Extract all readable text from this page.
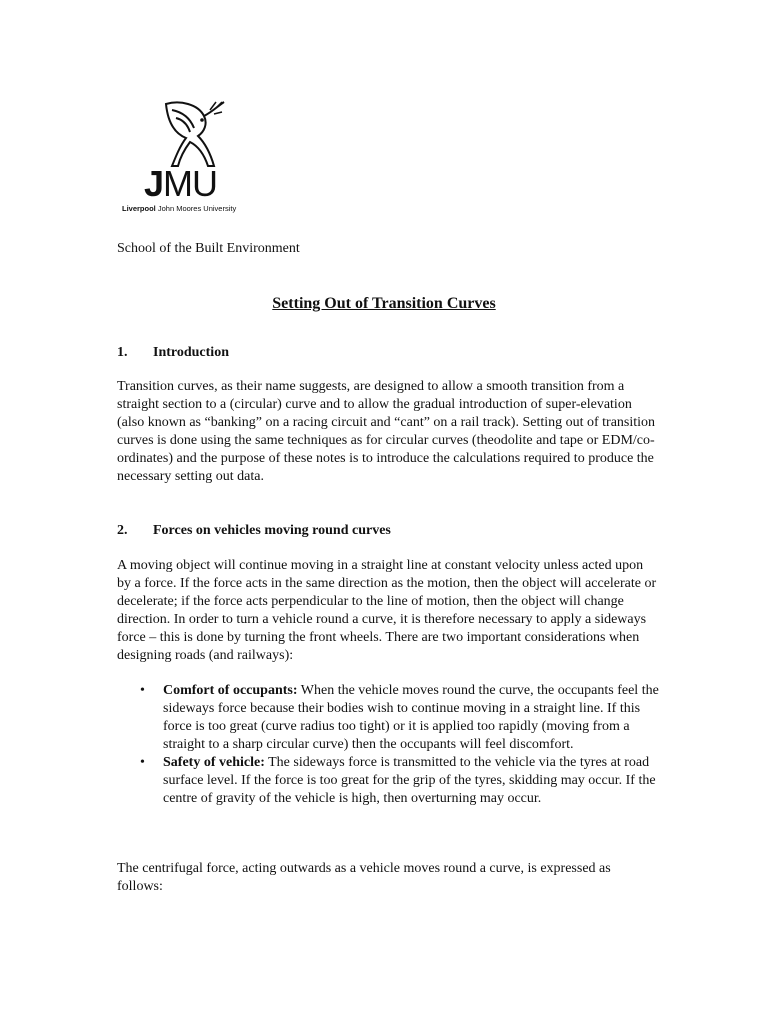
JMU
Liverpool John Moores University
School of the Built Environment
Setting Out of Transition Curves
1. Introduction
Transition curves, as their name suggests, are designed to allow a smooth transition from a straight section to a (circular) curve and to allow the gradual introduction of super-elevation (also known as “banking” on a racing circuit and “cant” on a rail track). Setting out of transition curves is done using the same techniques as for circular curves (theodolite and tape or EDM/co-ordinates) and the purpose of these notes is to introduce the calculations required to produce the necessary setting out data.
2. Forces on vehicles moving round curves
A moving object will continue moving in a straight line at constant velocity unless acted upon by a force. If the force acts in the same direction as the motion, then the object will accelerate or decelerate; if the force acts perpendicular to the line of motion, then the object will change direction. In order to turn a vehicle round a curve, it is therefore necessary to apply a sideways force – this is done by turning the front wheels. There are two important considerations when designing roads (and railways):
• Comfort of occupants: When the vehicle moves round the curve, the occupants feel the sideways force because their bodies wish to continue moving in a straight line. If this force is too great (curve radius too tight) or it is applied too rapidly (moving from a straight to a sharp circular curve) then the occupants will feel discomfort.
• Safety of vehicle: The sideways force is transmitted to the vehicle via the tyres at road surface level. If the force is too great for the grip of the tyres, skidding may occur. If the centre of gravity of the vehicle is high, then overturning may occur.
The centrifugal force, acting outwards as a vehicle moves round a curve, is expressed as follows:
